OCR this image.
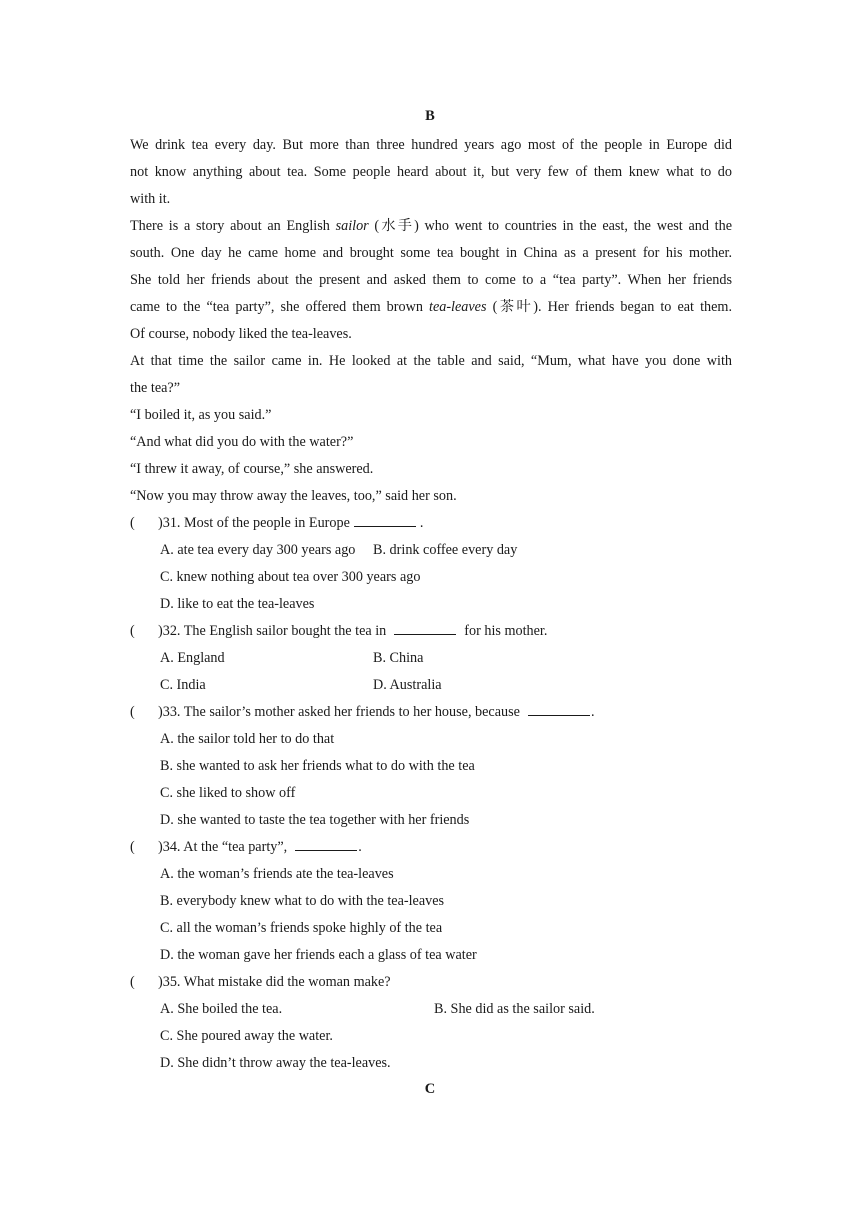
B
We drink tea every day. But more than three hundred years ago most of the people in Europe did
not know anything about tea. Some people heard about it, but very few of them knew what to do
with it.
There is a story about an English sailor (水手) who went to countries in the east, the west and the
south. One day he came home and brought some tea bought in China as a present for his mother.
She told her friends about the present and asked them to come to a “tea party”. When her friends
came to the “tea party”, she offered them brown tea-leaves (茶叶). Her friends began to eat them.
Of course, nobody liked the tea-leaves.
At that time the sailor came in. He looked at the table and said, “Mum, what have you done with
the tea?”
“I boiled it, as you said.”
“And what did you do with the water?”
“I threw it away, of course,” she answered.
“Now you may throw away the leaves, too,” said her son.
( )31. Most of the people in Europe	.
A. ate tea every day 300 years ago B. drink coffee every day
C. knew nothing about tea over 300 years ago
D. like to eat the tea-leaves
( )32. The English sailor bought the tea in	for his mother.
A. England	B. China
C. India	D. Australia
( )33. The sailor’s mother asked her friends to her house, because	.
A. the sailor told her to do that
B. she wanted to ask her friends what to do with the tea
C. she liked to show off
D. she wanted to taste the tea together with her friends
( )34. At the “tea party”,	.
A. the woman’s friends ate the tea-leaves
B. everybody knew what to do with the tea-leaves
C. all the woman’s friends spoke highly of the tea
D. the woman gave her friends each a glass of tea water
( )35. What mistake did the woman make?
A. She boiled the tea.	B. She did as the sailor said.
C. She poured away the water.
D. She didn’t throw away the tea-leaves.
C
